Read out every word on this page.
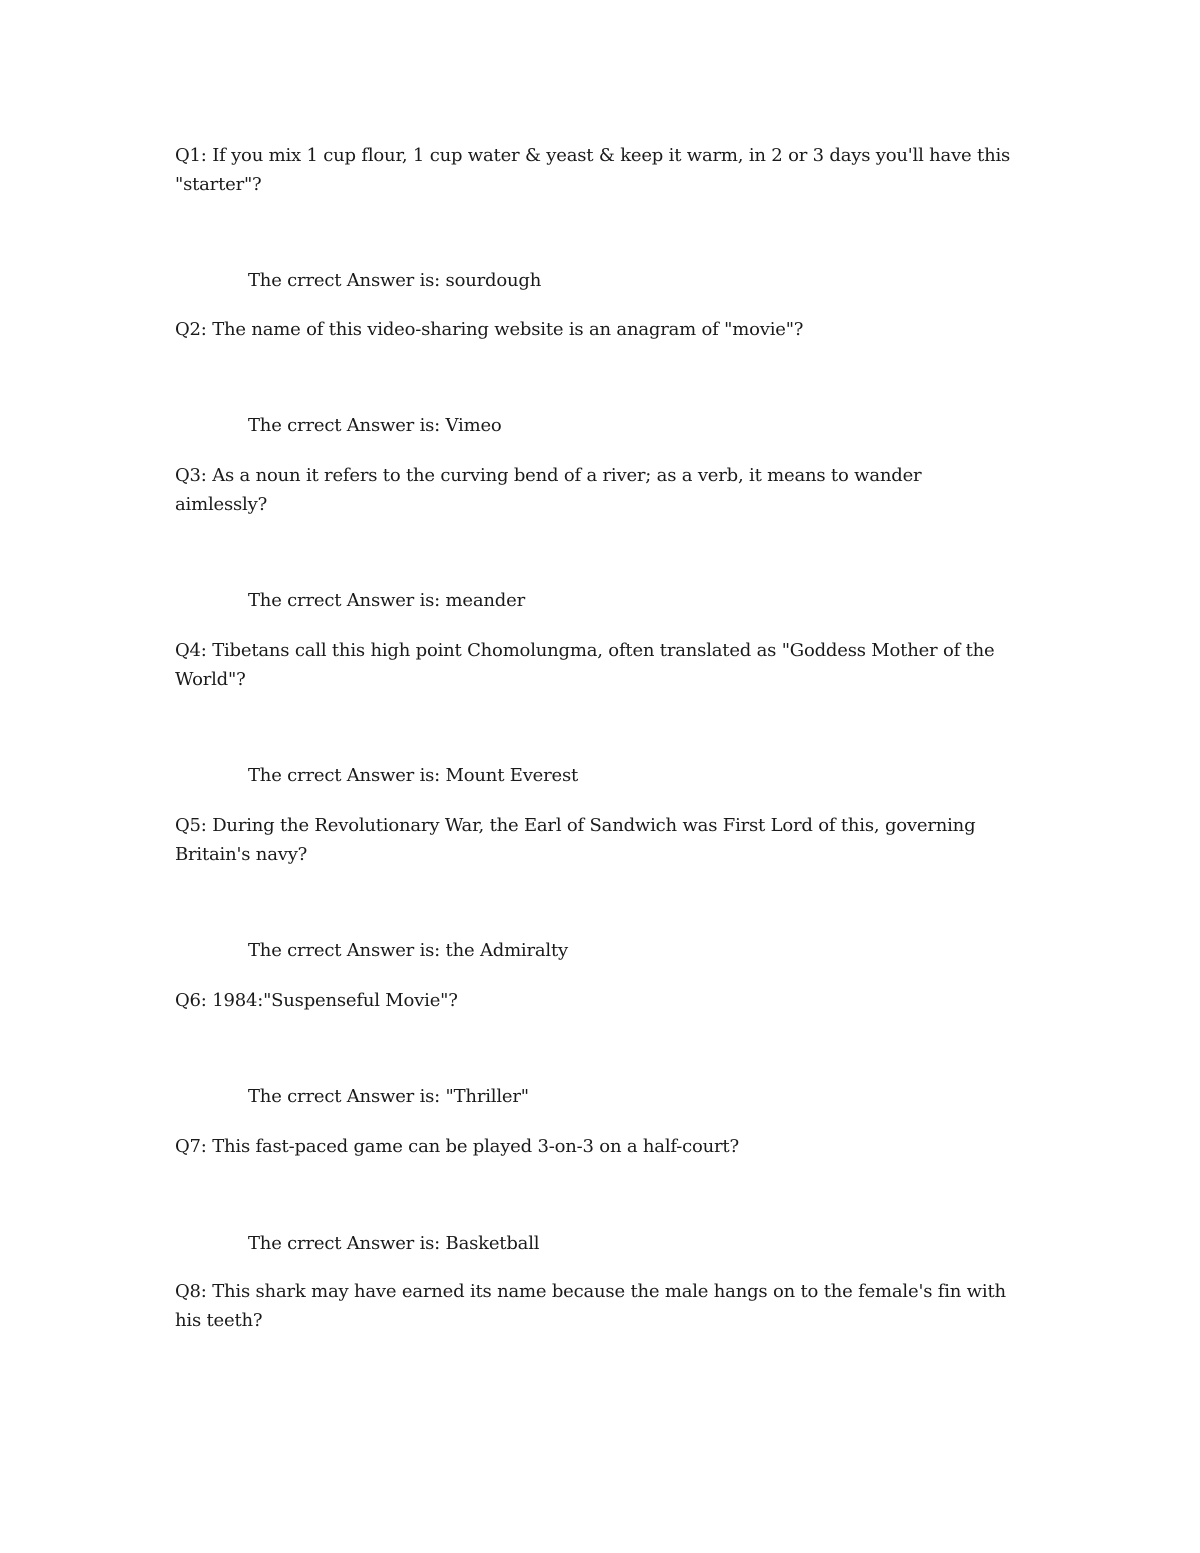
Q1: If you mix 1 cup flour, 1 cup water & yeast & keep it warm, in 2 or 3 days you'll have this
"starter"?
The crrect Answer is: sourdough
Q2: The name of this video-sharing website is an anagram of "movie"?
The crrect Answer is: Vimeo
Q3: As a noun it refers to the curving bend of a river; as a verb, it means to wander
aimlessly?
The crrect Answer is: meander
Q4: Tibetans call this high point Chomolungma, often translated as "Goddess Mother of the
World"?
The crrect Answer is: Mount Everest
Q5: During the Revolutionary War, the Earl of Sandwich was First Lord of this, governing
Britain's navy?
The crrect Answer is: the Admiralty
Q6: 1984:"Suspenseful Movie"?
The crrect Answer is: "Thriller"
Q7: This fast-paced game can be played 3-on-3 on a half-court?
The crrect Answer is: Basketball
Q8: This shark may have earned its name because the male hangs on to the female's fin with
his teeth?
